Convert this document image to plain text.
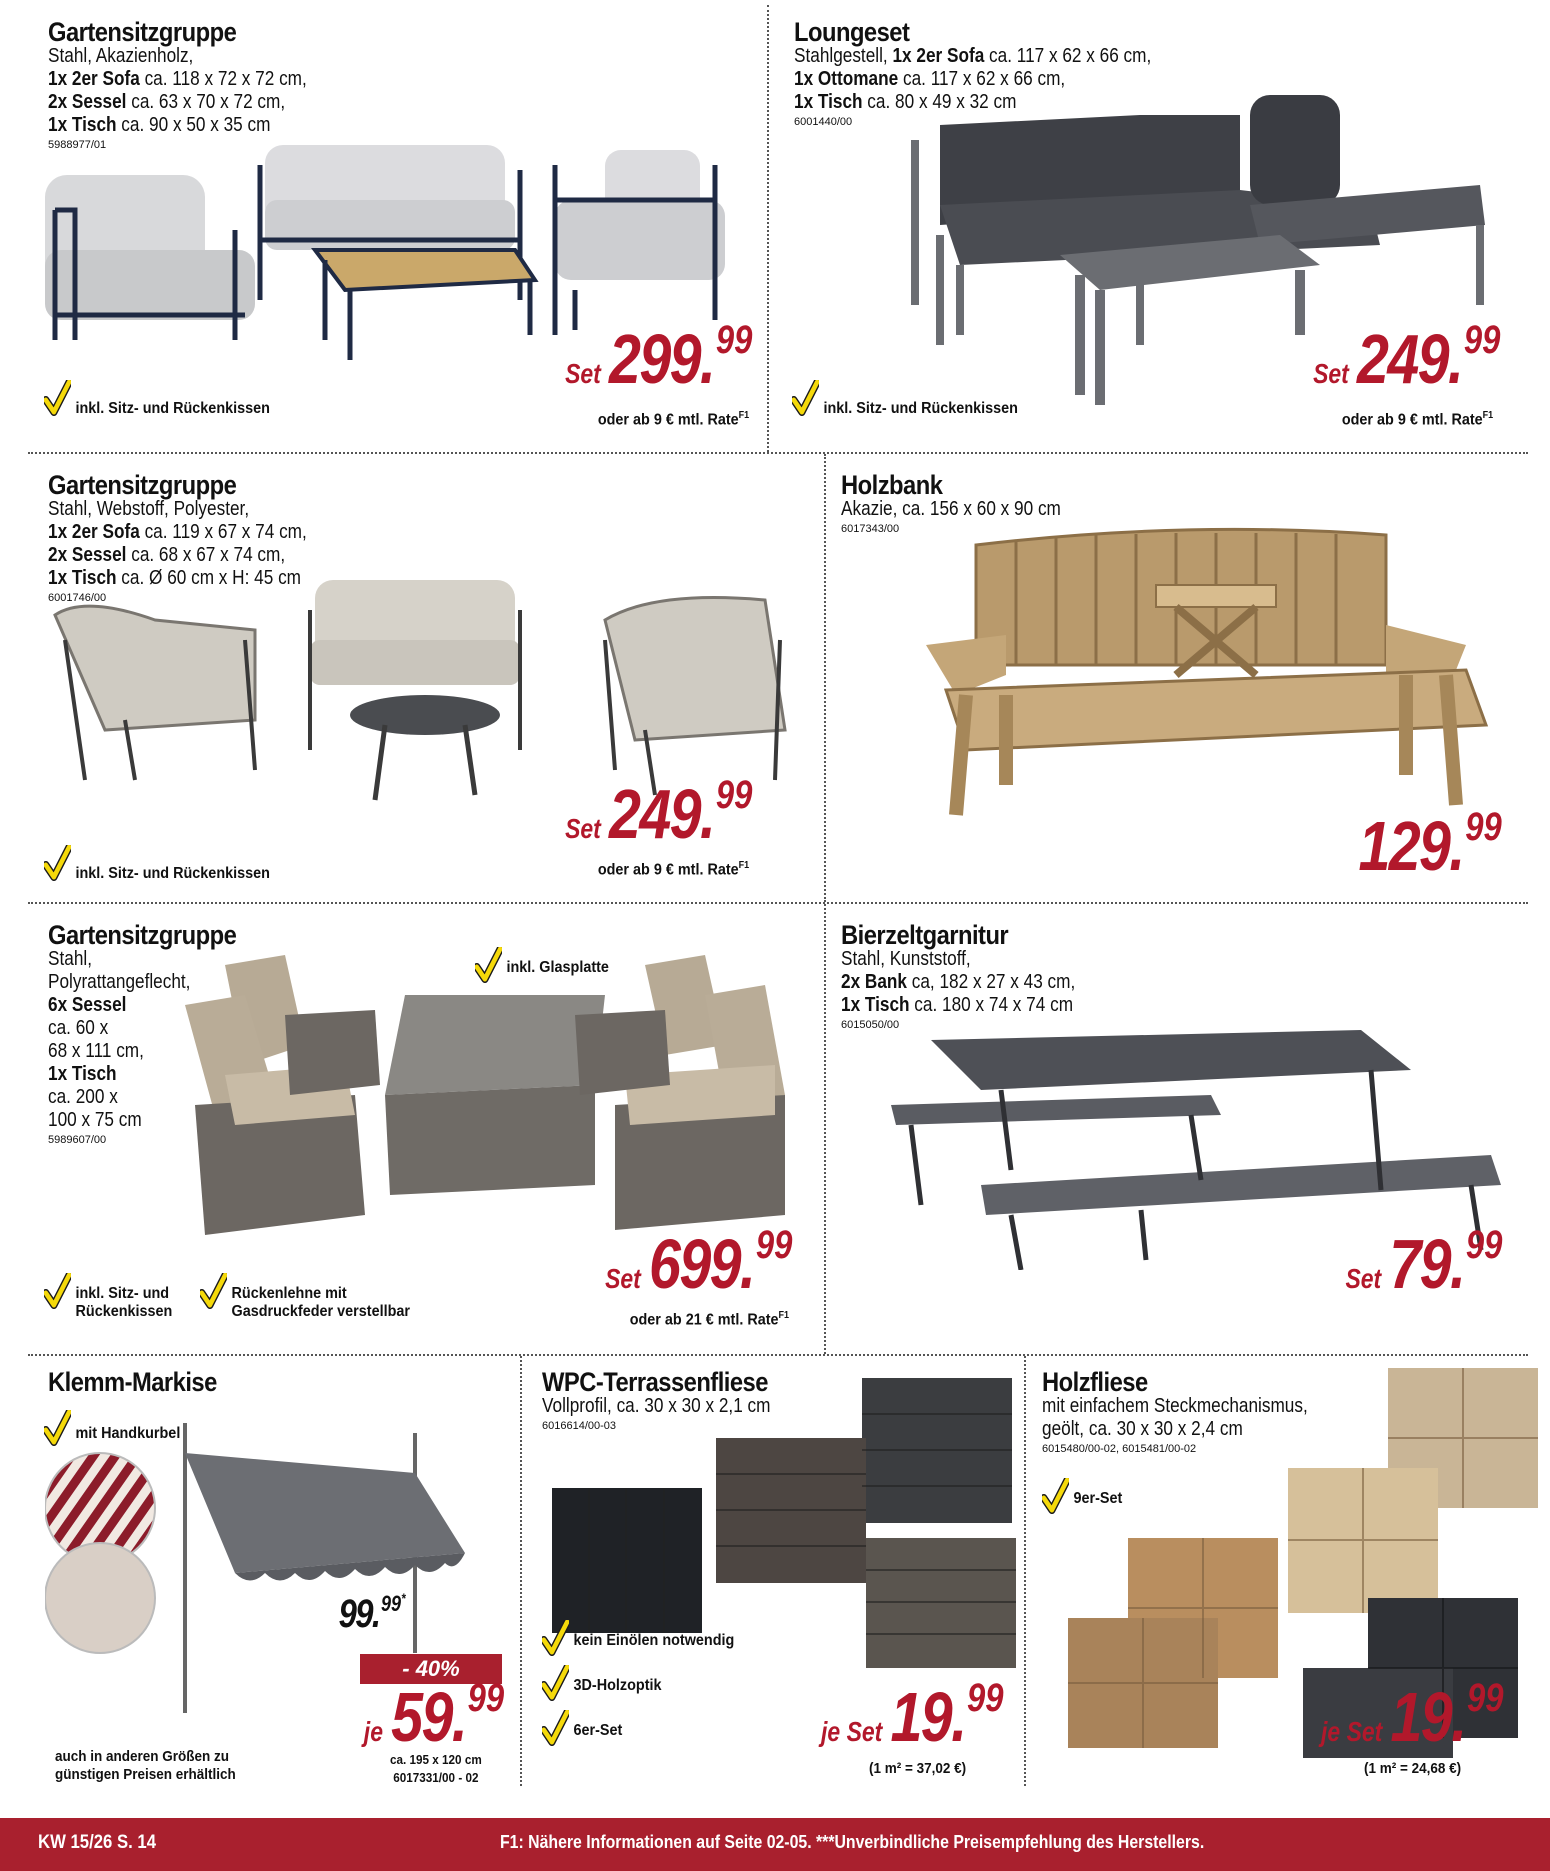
Gartensitzgruppe
Stahl, Akazienholz,
1x 2er Sofa ca. 118 x 72 x 72 cm,
2x Sessel ca. 63 x 70 x 72 cm,
1x Tisch ca. 90 x 50 x 35 cm
5988977/01
inkl. Sitz- und Rückenkissen
Set 299.99
oder ab 9 € mtl. Rate$^{F1}$
Loungeset
Stahlgestell, 1x 2er Sofa ca. 117 x 62 x 66 cm,
1x Ottomane ca. 117 x 62 x 66 cm,
1x Tisch ca. 80 x 49 x 32 cm
6001440/00
inkl. Sitz- und Rückenkissen
Set 249.99
oder ab 9 € mtl. Rate$^{F1}$
Gartensitzgruppe
Stahl, Webstoff, Polyester,
1x 2er Sofa ca. 119 x 67 x 74 cm,
2x Sessel ca. 68 x 67 x 74 cm,
1x Tisch ca. Ø 60 cm x H: 45 cm
6001746/00
inkl. Sitz- und Rückenkissen
Set 249.99
oder ab 9 € mtl. Rate$^{F1}$
Holzbank
Akazie, ca. 156 x 60 x 90 cm
6017343/00
129.99
Gartensitzgruppe
Stahl,
Polyrattangeflecht,
6x Sessel
ca. 60 x
68 x 111 cm,
1x Tisch
ca. 200 x
100 x 75 cm
5989607/00
inkl. Glasplatte
inkl. Sitz- und
Rückenkissen
Rückenlehne mit
Gasdruckfeder verstellbar
Set 699.99
oder ab 21 € mtl. Rate$^{F1}$
Bierzeltgarnitur
Stahl, Kunststoff,
2x Bank ca, 182 x 27 x 43 cm,
1x Tisch ca. 180 x 74 x 74 cm
6015050/00
Set 79.99
Klemm-Markise
mit Handkurbel
99.99*
- 40%
je 59.99
ca. 195 x 120 cm
6017331/00 - 02
auch in anderen Größen zu
günstigen Preisen erhältlich
WPC-Terrassenfliese
Vollprofil, ca. 30 x 30 x 2,1 cm
6016614/00-03
kein Einölen notwendig
3D-Holzoptik
6er-Set	je Set 19.99
(1 m² = 37,02 €)
Holzfliese
mit einfachem Steckmechanismus,
geölt, ca. 30 x 30 x 2,4 cm
6015480/00-02, 6015481/00-02
9er-Set
je Set 19.99
(1 m² = 24,68 €)
KW 15/26 S. 14	F1: Nähere Informationen auf Seite 02-05. ***Unverbindliche Preisempfehlung des Herstellers.
